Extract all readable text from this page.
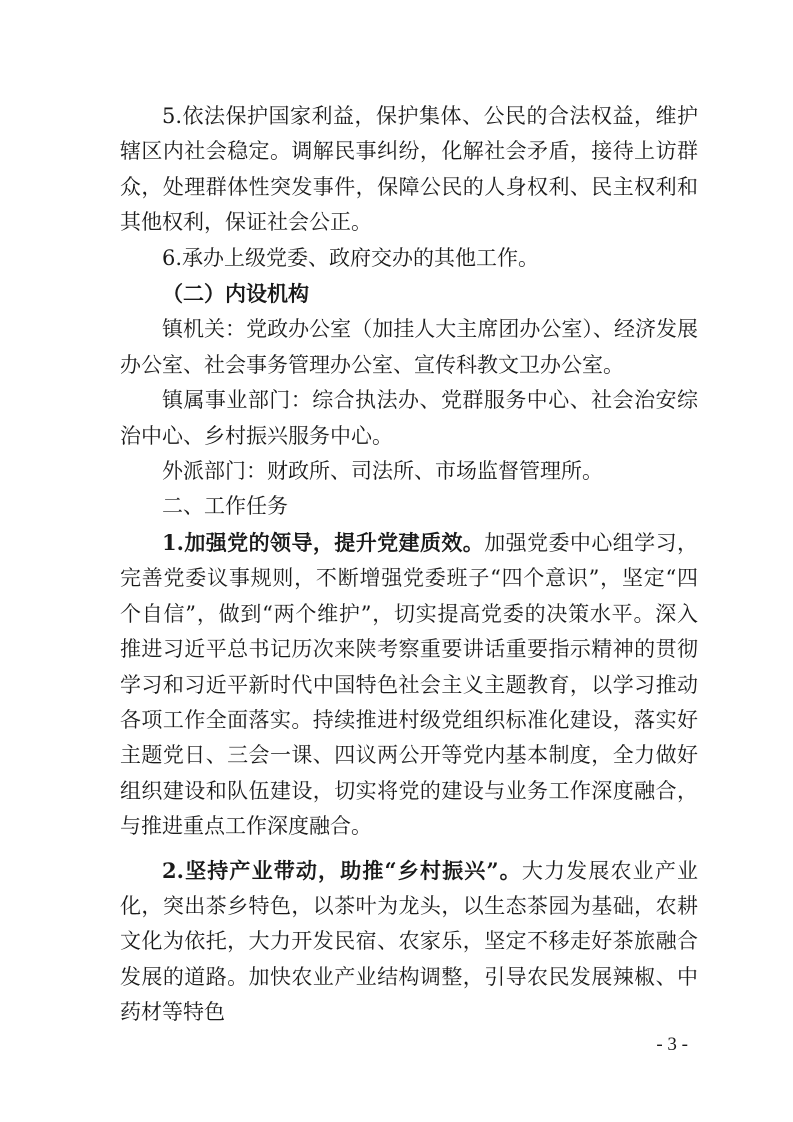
5.依法保护国家利益，保护集体、公民的合法权益，维护辖区内社会稳定。调解民事纠纷，化解社会矛盾，接待上访群众，处理群体性突发事件，保障公民的人身权利、民主权利和其他权利，保证社会公正。

6.承办上级党委、政府交办的其他工作。

（二）内设机构

镇机关：党政办公室（加挂人大主席团办公室）、经济发展办公室、社会事务管理办公室、宣传科教文卫办公室。

镇属事业部门：综合执法办、党群服务中心、社会治安综治中心、乡村振兴服务中心。

外派部门：财政所、司法所、市场监督管理所。

二、工作任务

1.加强党的领导，提升党建质效。加强党委中心组学习，完善党委议事规则，不断增强党委班子“四个意识”，坚定“四个自信”，做到“两个维护”，切实提高党委的决策水平。深入推进习近平总书记历次来陕考察重要讲话重要指示精神的贯彻学习和习近平新时代中国特色社会主义主题教育，以学习推动各项工作全面落实。持续推进村级党组织标准化建设，落实好主题党日、三会一课、四议两公开等党内基本制度，全力做好组织建设和队伍建设，切实将党的建设与业务工作深度融合，与推进重点工作深度融合。

2.坚持产业带动，助推“乡村振兴”。大力发展农业产业化，突出茶乡特色，以茶叶为龙头，以生态茶园为基础，农耕文化为依托，大力开发民宿、农家乐，坚定不移走好茶旅融合发展的道路。加快农业产业结构调整，引导农民发展辣椒、中药材等特色

- 3 -
